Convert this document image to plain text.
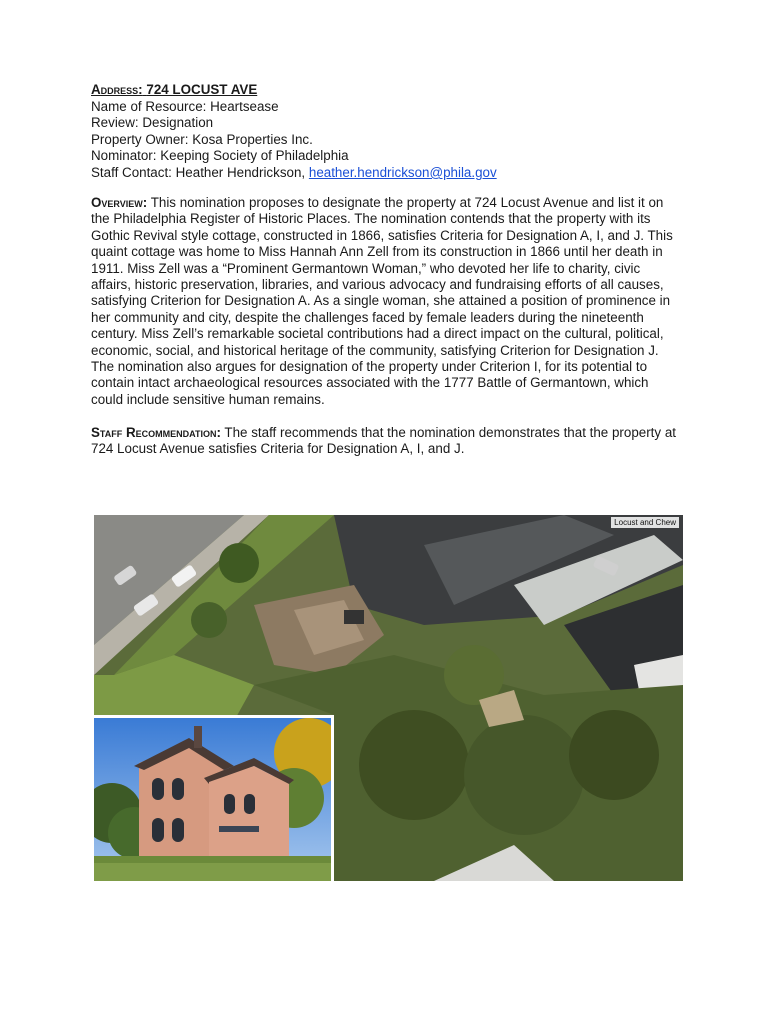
Address: 724 LOCUST AVE
Name of Resource: Heartsease
Review: Designation
Property Owner: Kosa Properties Inc.
Nominator: Keeping Society of Philadelphia
Staff Contact: Heather Hendrickson, heather.hendrickson@phila.gov
Overview: This nomination proposes to designate the property at 724 Locust Avenue and list it on the Philadelphia Register of Historic Places. The nomination contends that the property with its Gothic Revival style cottage, constructed in 1866, satisfies Criteria for Designation A, I, and J. This quaint cottage was home to Miss Hannah Ann Zell from its construction in 1866 until her death in 1911. Miss Zell was a “Prominent Germantown Woman,” who devoted her life to charity, civic affairs, historic preservation, libraries, and various advocacy and fundraising efforts of all causes, satisfying Criterion for Designation A. As a single woman, she attained a position of prominence in her community and city, despite the challenges faced by female leaders during the nineteenth century. Miss Zell’s remarkable societal contributions had a direct impact on the cultural, political, economic, social, and historical heritage of the community, satisfying Criterion for Designation J. The nomination also argues for designation of the property under Criterion I, for its potential to contain intact archaeological resources associated with the 1777 Battle of Germantown, which could include sensitive human remains.
Staff Recommendation: The staff recommends that the nomination demonstrates that the property at 724 Locust Avenue satisfies Criteria for Designation A, I, and J.
Locust and Chew
